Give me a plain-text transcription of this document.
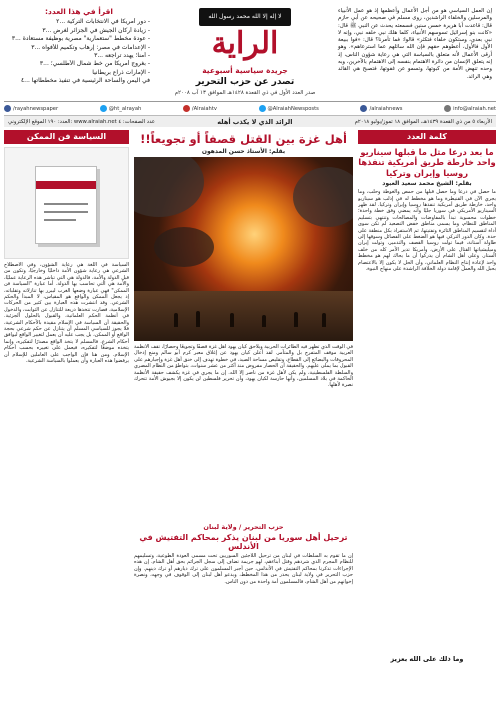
إن العمل السياسي هو من أجل الأعمال وأعظمها إذ هو عمل الأنبياء والمرسلين والخلفاء الراشدين، روى مسلم في صحيحه عن أبي حازم قال: قاعدت أبا هريرة خمس سنين فسمعته يحدث عن النبي ﷺ قال: «كانت بنو إسرائيل تسوسهم الأنبياء، كلما هلك نبي خلفه نبي، وإنه لا نبي بعدي، وستكون خلفاء فتكثر» قالوا: فما تأمرنا؟ قال: «فوا ببيعة الأول فالأول، أعطوهم حقهم فإن الله سائلهم عما استرعاهم». وهو أرقى الأعمال لأنه متعلق بالسياسة التي هي رعاية شؤون الناس، إذ إنه يتعلق الإنسان من دائرة الاهتمام بنفسه إلى الاهتمام بالآخرين، وبه وحده تنهض الأمة من كبوتها، وتسمو عن غفوتها، فتصبح هي القائد وهي الرائد.
لا إله إلا الله محمد رسول الله
الراية
جريدة سياسية أسبوعية
تصدر عن حزب التحرير
صدر العدد الأول في ذي القعدة ١٤٢٨هـ الموافق ١٣ آب ٢٠٠٨م
اقرأ في هذا العدد:
- دور أمريكا في الانتخابات التركية ...٢
- زيادة أركان الجيش في الجزائر لغرض ...٣
- عودة مخطط "ستعمارية" مصرية بوظيفة مستعادة ...٣
- الإعدامات في مصر: إرهاب وتكميم للأفواه ...٣
- أمنا؛ يهدد تراجعه ...٣
- بغروج أمريكا من خط شمال الأطلسي؛ ...٣
- الإمارات ذراع بريطانيا
في اليمن والساحة الرئيسية في تنفيذ مخططاتها ...٤
/rayahnewspaper	@ht_alrayah	/Alraiahtv	@AlraiahNewsposts	/alraiahnews	info@alraiah.net
الأربعاء ٥ من ذي القعدة ١٤٣٩هـ، الموافق ١٨ تموز/يوليو ٢٠١٨م
الرائد الذي لا يكذب أهله
العدد: ١٩٠ الموقع الإلكتروني: www.alraiah.net عدد الصفحات: ٤
كلمة العدد
ما بعد درعا مثل ما قبلها سيناريو واحد خارطة طريق أمريكية تنفذها روسيا وإيران وتركيا
بقلم: الشيخ محمد سعيد العبود
ما حصل في درعا وما حصل قبلها من حمص والغوطة وحلب، وما يجري الآن في القنيطرة وما هو مخطط له في إدلب هو سيناريو واحد، خارطة طريق أمريكية تنفذها روسيا وإيران وتركيا. لقد ظهر السيناريو الأمريكي في سوريا جليًا وأنه يمضي وفق خطة واحدة؛ خطوات محسوبة تبدأ بالمفاوضات والمصالحات وتنتهي بتسليم المناطق للنظام، وما يسمى مناطق خفض التصعيد لم تكن سوى أداة لتقسيم المناطق الثائرة وتفتيتها، ثم الاستفراد بكل منطقة على حدة. وكان الدور التركي فيها هو الضغط على الفصائل وسوقها إلى طاولة أستانة، فيما تولت روسيا القصف والتدمير، وتولت إيران وميليشياتها القتال على الأرض، وأمريكا تدير الأمر كله من خلف الستار. وعلى أهل الشام أن يدركوا أن ما يحاك لهم هو مخطط واحد لإعادة إنتاج النظام العلماني، وأن الحل لا يكون إلا بالاعتصام بحبل الله والعمل لإقامة دولة الخلافة الراشدة على منهاج النبوة.
وما ذلك على الله بعزيز
أهل غزة بين القتل قصفاً أو تجويعاً!!
بقلم: الأستاذ حسن المدهون
في الوقت الذي تظهر فيه الطائرات الحربية ويلاحق كيان يهود أهل غزة قصفًا وتجويعًا وحصارًا، تقف الأنظمة العربية موقف المتفرج بل والمتآمر. لقد أعلن كيان يهود عن إغلاق معبر كرم أبو سالم ومنع إدخال المحروقات والبضائع إلى القطاع، وتقليص مساحة الصيد، في خطوة تهدف إلى خنق أهل غزة وإجبارهم على القبول بما يملى عليهم. والحقيقة أن الحصار مفروض منذ أكثر من عشر سنوات، بتواطؤ من النظام المصري والسلطة الفلسطينية، ولم يكن لأهل غزة من ناصر إلا الله. إن ما يجري في غزة يكشف حقيقة الأنظمة الحاكمة في بلاد المسلمين، وأنها حارسة لكيان يهود، وأن تحرير فلسطين لن يكون إلا بجيوش الأمة تتحرك نصرة لأهلها.
حزب التحرير / ولاية لبنان
ترحيل أهل سوريا من لبنان يذكر بمحاكم التفتيش في الأندلس
إن ما تقوم به السلطات في لبنان من ترحيل اللاجئين السوريين تحت مسمى العودة الطوعية، وتسليمهم للنظام المجرم الذي شردهم وقتل أبناءهم، لهو جريمة تضاف إلى سجل الجرائم بحق أهل الشام. إن هذه الإجراءات تذكرنا بمحاكم التفتيش في الأندلس، حين أجبر المسلمون على ترك ديارهم أو ترك دينهم. وإن حزب التحرير في ولاية لبنان يحذر من هذا المخطط، ويدعو أهل لبنان إلى الوقوف في وجهه، ونصرة إخوانهم من أهل الشام، فالمسلمون أمة واحدة من دون الناس.
السياسة فن الممكن
السياسة في اللغة هي رعاية الشؤون، وفي الاصطلاح الشرعي هي رعاية شؤون الأمة داخليًا وخارجيًا، وتكون من قبل الدولة والأمة، فالدولة هي التي تباشر هذه الرعاية عمليًا، والأمة هي التي تحاسب بها الدولة. أما عبارة "السياسة فن الممكن" فهي عبارة وضعها الغرب ليبرر بها تنازلاته وتقلباته، إذ يجعل الممكن والواقع هو المقياس، لا المبدأ والحكم الشرعي. وقد انتشرت هذه العبارة بين كثير من الحركات الإسلامية، فصارت تتخذها ذريعة للتنازل عن الثوابت، والدخول في أنظمة الحكم العلمانية، والقبول بالحلول الجزئية. والحقيقة أن السياسة في الإسلام مقيدة بالأحكام الشرعية، فلا يجوز للسياسي المسلم أن يتنازل عن حكم شرعي بحجة الواقع أو الممكن، بل يجب عليه أن يعمل لتغيير الواقع ليوافق أحكام الشرع. فالمسلم لا يتخذ الواقع مصدرًا لتفكيره، وإنما يتخذه موضعًا لتفكيره، فيعمل على تغييره بحسب أحكام الإسلام. ومن هنا فإن الواجب على العاملين للإسلام أن يرفضوا هذه العبارة وأن يعملوا بالسياسة الشرعية.
